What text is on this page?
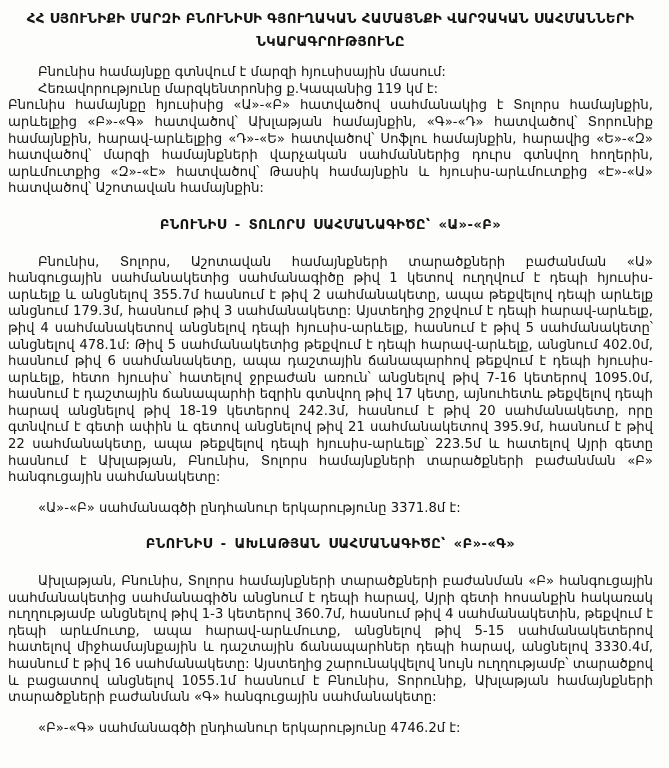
ՀՀ ՍՅՈՒՆԻՔԻ ՄԱՐԶԻ ԲՆՈՒՆԻՍԻ ԳՅՈՒՂԱԿԱՆ ՀԱՄԱՅՆՔԻ ՎԱՐՉԱԿԱՆ ՍԱՀՄԱՆՆԵՐԻ

ՆԿԱՐԱԳՐՈՒԹՅՈՒՆԸ

Բնունիս համայնքը գտնվում է մարզի հյուսիսային մասում:

Հեռավորությունը մարզկենտրոնից ք.Կապանից 119 կմ է:

Բնունիս համայնքը հյուսիսից «Ա»-«Բ» հատվածով սահմանակից է Տոլորս համայնքին, արևելքից «Բ»-«Գ» հատվածով՝ Ախլաթյան համայնքին, «Գ»-«Դ» հատվածով՝ Տորունիք համայնքին, հարավ-արևելքից «Դ»-«Ե» հատվածով՝ Սոֆլու համայնքին, հարավից «Ե»-«Զ» հատվածով՝ մարզի համայնքների վարչական սահմաններից դուրս գտնվող հողերին, արևմուտքից «Զ»-«Է» հատվածով՝ Թասիկ համայնքին և հյուսիս-արևմուտքից «Է»-«Ա» հատվածով՝ Աշոտավան համայնքին:

ԲՆՈՒՆԻՍ - ՏՈԼՈՐՍ ՍԱՀՄԱՆԱԳԻԾԸ՝ «Ա»-«Բ»

Բնունիս, Տոլորս, Աշոտավան համայնքների տարածքների բաժանման «Ա» հանգուցային սահմանակետից սահմանագիծը թիվ 1 կետով ուղղվում է դեպի հյուսիս-արևելք և անցնելով 355.7մ հասնում է թիվ 2 սահմանակետը, ապա թեքվելով դեպի արևելք անցնում 179.3մ, հասնում թիվ 3 սահմանակետը: Այստեղից շրջվում է դեպի հարավ-արևելք, թիվ 4 սահմանակետով անցնելով դեպի հյուսիս-արևելք, հասնում է թիվ 5 սահմանակետը՝ անցնելով 478.1մ: Թիվ 5 սահմանակետից թեքվում է դեպի հարավ-արևելք, անցնում 402.0մ, հասնում թիվ 6 սահմանակետը, ապա դաշտային ճանապարհով թեքվում է դեպի հյուսիս-արևելք, հետո հյուսիս՝ հատելով ջրբաժան առուն՝ անցնելով թիվ 7-16 կետերով 1095.0մ, հասնում է դաշտային ճանապարհի եզրին գտնվող թիվ 17 կետը, այնուհետև թեքվելով դեպի հարավ անցնելով թիվ 18-19 կետերով 242.3մ, հասնում է թիվ 20 սահմանակետը, որը գտնվում է գետի ափին և գետով անցնելով թիվ 21 սահմանակետով 395.9մ, հասնում է թիվ 22 սահմանակետը, ապա թեքվելով դեպի հյուսիս-արևելք՝ 223.5մ և հատելով Այրի գետը հասնում է Ախլաթյան, Բնունիս, Տոլորս համայնքների տարածքների բաժանման «Բ» հանգուցային սահմանակետը:

«Ա»-«Բ» սահմանագծի ընդհանուր երկարությունը 3371.8մ է:

ԲՆՈՒՆԻՍ - ԱԽԼԱԹՅԱՆ ՍԱՀՄԱՆԱԳԻԾԸ՝ «Բ»-«Գ»

Ախլաթյան, Բնունիս, Տոլորս համայնքների տարածքների բաժանման «Բ» հանգուցային սահմանակետից սահմանագիծն անցնում է դեպի հարավ, Այրի գետի հոսանքին հակառակ ուղղությամբ անցնելով թիվ 1-3 կետերով 360.7մ, հասնում թիվ 4 սահմանակետին, թեքվում է դեպի արևմուտք, ապա հարավ-արևմուտք, անցնելով թիվ 5-15 սահմանակետերով հատելով միջհամայնքային և դաշտային ճանապարհներ դեպի հարավ, անցնելով 3330.4մ, հասնում է թիվ 16 սահմանակետը: Այստեղից շարունակվելով նույն ուղղությամբ՝ տարածքով և բացատով անցնելով 1055.1մ հասնում է Բնունիս, Տորունիք, Ախլաթյան համայնքների տարածքների բաժանման «Գ» հանգուցային սահմանակետը:

«Բ»-«Գ» սահմանագծի ընդհանուր երկարությունը 4746.2մ է:
